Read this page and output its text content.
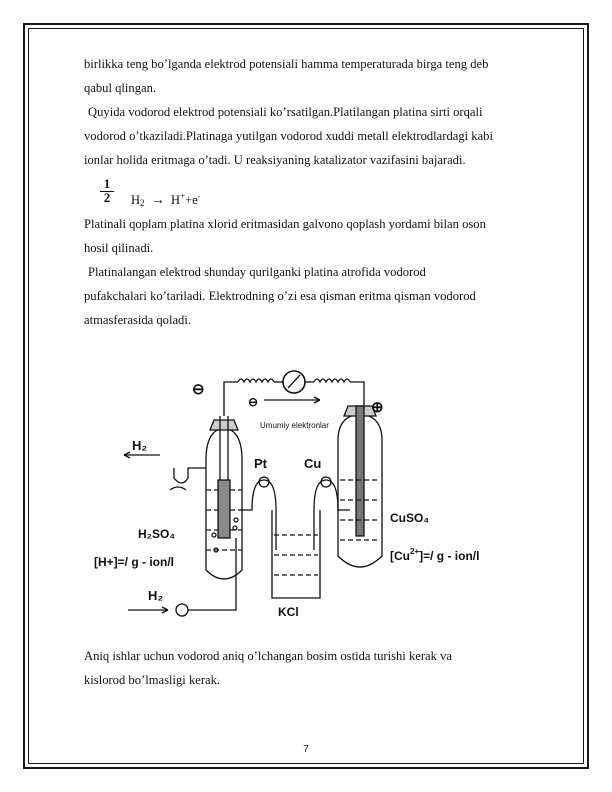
birlikka teng bo’lganda elektrod potensiali hamma temperaturada birga teng deb
qabul qlingan.
Quyida vodorod elektrod potensiali ko’rsatilgan.Platilangan platina sirti orqali
vodorod o’tkaziladi.Platinaga yutilgan vodorod xuddi metall elektrodlardagi kabi
ionlar holida eritmaga o’tadi. U reaksiyaning katalizator vazifasini bajaradi.
1
2	H2 → H++e-
Platinali qoplam platina xlorid eritmasidan galvono qoplash yordami bilan oson
hosil qilinadi.
Platinalangan elektrod shunday qurilganki platina atrofida vodorod
pufakchalari ko’tariladi. Elektrodning o’zi esa qisman eritma qisman vodorod
atmasferasida qoladi.
⊖
⊕
⊖
Umumiy elektronlar
H₂
H₂
Pt	Cu
H₂SO₄
CuSO₄
KCl
[H+]=/ g - ion/l	$[Cu^{2+}]=/$ g - ion/l
Aniq ishlar uchun vodorod aniq o’lchangan bosim ostida turishi kerak va
kislorod bo’lmasligi kerak.
7
